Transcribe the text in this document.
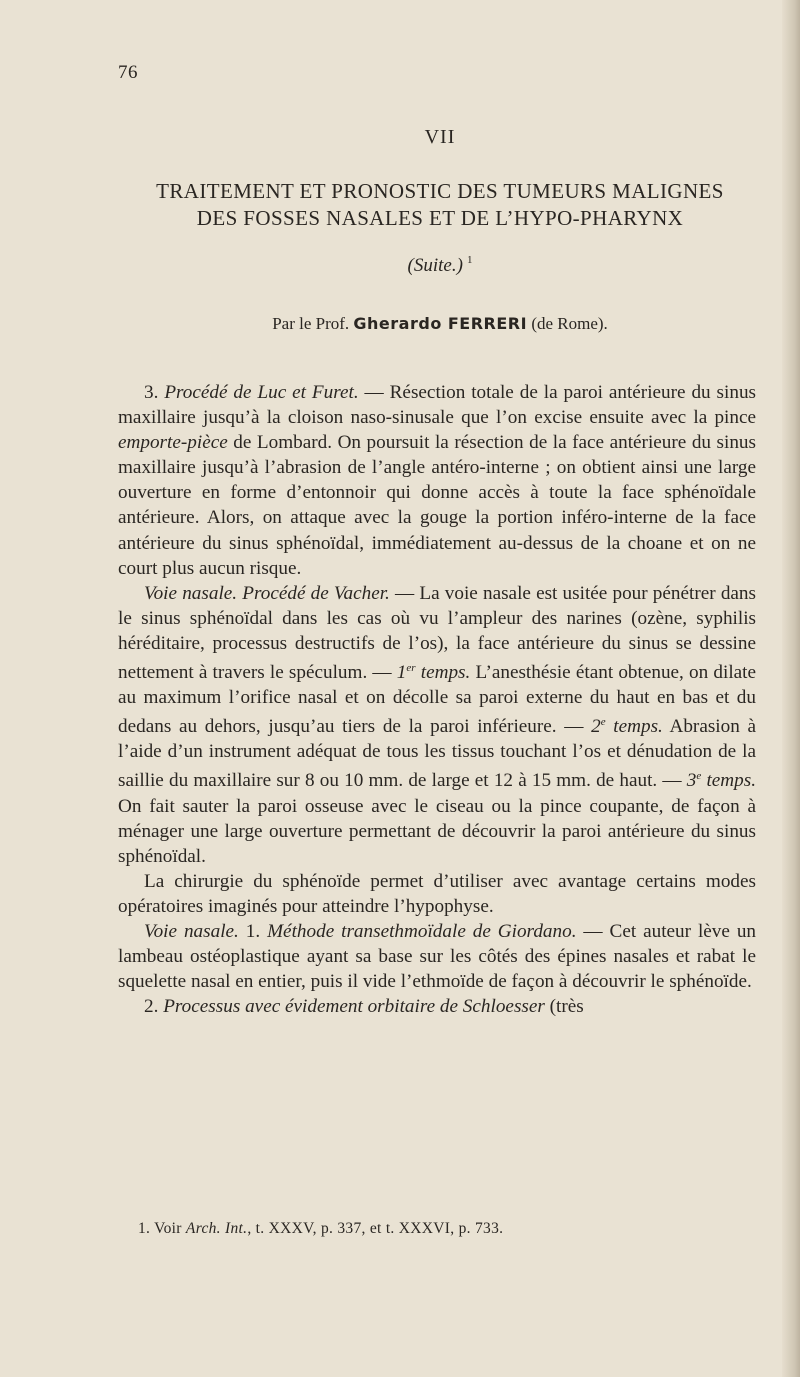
76
VII
TRAITEMENT ET PRONOSTIC DES TUMEURS MALIGNES
DES FOSSES NASALES ET DE L’HYPO-PHARYNX
(Suite.) $^1$
Par le Prof. Gherardo FERRERI (de Rome).

3. Procédé de Luc et Furet. — Résection totale de la paroi antérieure du sinus maxillaire jusqu’à la cloison naso-sinusale que l’on excise ensuite avec la pince emporte-pièce de Lombard. On poursuit la résection de la face antérieure du sinus maxillaire jusqu’à l’abrasion de l’angle antéro-interne ; on obtient ainsi une large ouverture en forme d’entonnoir qui donne accès à toute la face sphénoïdale antérieure. Alors, on attaque avec la gouge la portion inféro-interne de la face antérieure du sinus sphénoïdal, immédiatement au-dessus de la choane et on ne court plus aucun risque.

Voie nasale. Procédé de Vacher. — La voie nasale est usitée pour pénétrer dans le sinus sphénoïdal dans les cas où vu l’ampleur des narines (ozène, syphilis héréditaire, processus destructifs de l’os), la face antérieure du sinus se dessine nettement à travers le spéculum. — 1er temps. L’anesthésie étant obtenue, on dilate au maximum l’orifice nasal et on décolle sa paroi externe du haut en bas et du dedans au dehors, jusqu’au tiers de la paroi inférieure. — 2e temps. Abrasion à l’aide d’un instrument adéquat de tous les tissus touchant l’os et dénudation de la saillie du maxillaire sur 8 ou 10 mm. de large et 12 à 15 mm. de haut. — 3e temps. On fait sauter la paroi osseuse avec le ciseau ou la pince coupante, de façon à ménager une large ouverture permettant de découvrir la paroi antérieure du sinus sphénoïdal.

La chirurgie du sphénoïde permet d’utiliser avec avantage certains modes opératoires imaginés pour atteindre l’hypophyse.

Voie nasale. 1. Méthode transethmoïdale de Giordano. — Cet auteur lève un lambeau ostéoplastique ayant sa base sur les côtés des épines nasales et rabat le squelette nasal en entier, puis il vide l’ethmoïde de façon à découvrir le sphénoïde.

2. Processus avec évidement orbitaire de Schloesser (très

1. Voir Arch. Int., t. XXXV, p. 337, et t. XXXVI, p. 733.
